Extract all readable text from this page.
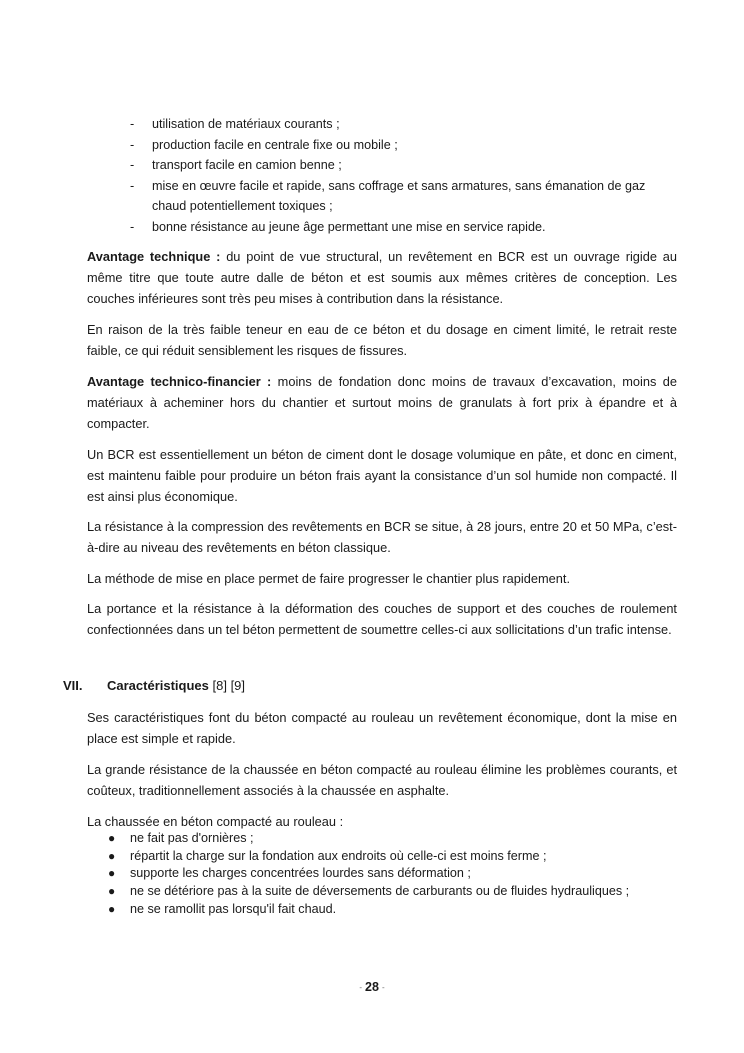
- utilisation de matériaux courants ;
- production facile en centrale fixe ou mobile ;
- transport facile en camion benne ;
- mise en œuvre facile et rapide, sans coffrage et sans armatures, sans émanation de gaz chaud potentiellement toxiques ;
- bonne résistance au jeune âge permettant une mise en service rapide.

Avantage technique : du point de vue structural, un revêtement en BCR est un ouvrage rigide au même titre que toute autre dalle de béton et est soumis aux mêmes critères de conception. Les couches inférieures sont très peu mises à contribution dans la résistance.

En raison de la très faible teneur en eau de ce béton et du dosage en ciment limité, le retrait reste faible, ce qui réduit sensiblement les risques de fissures.

Avantage technico-financier : moins de fondation donc moins de travaux d’excavation, moins de matériaux à acheminer hors du chantier et surtout moins de granulats à fort prix à épandre et à compacter.

Un BCR est essentiellement un béton de ciment dont le dosage volumique en pâte, et donc en ciment, est maintenu faible pour produire un béton frais ayant la consistance d’un sol humide non compacté. Il est ainsi plus économique.

La résistance à la compression des revêtements en BCR se situe, à 28 jours, entre 20 et 50 MPa, c’est-à-dire au niveau des revêtements en béton classique.

La méthode de mise en place permet de faire progresser le chantier plus rapidement.

La portance et la résistance à la déformation des couches de support et des couches de roulement confectionnées dans un tel béton permettent de soumettre celles-ci aux sollicitations d’un trafic intense.

VII. Caractéristiques [8] [9]

Ses caractéristiques font du béton compacté au rouleau un revêtement économique, dont la mise en place est simple et rapide.

La grande résistance de la chaussée en béton compacté au rouleau élimine les problèmes courants, et coûteux, traditionnellement associés à la chaussée en asphalte.

La chaussée en béton compacté au rouleau :

● ne fait pas d'ornières ;
● répartit la charge sur la fondation aux endroits où celle-ci est moins ferme ;
● supporte les charges concentrées lourdes sans déformation ;
● ne se détériore pas à la suite de déversements de carburants ou de fluides hydrauliques ;
● ne se ramollit pas lorsqu'il fait chaud.
- 28 -
